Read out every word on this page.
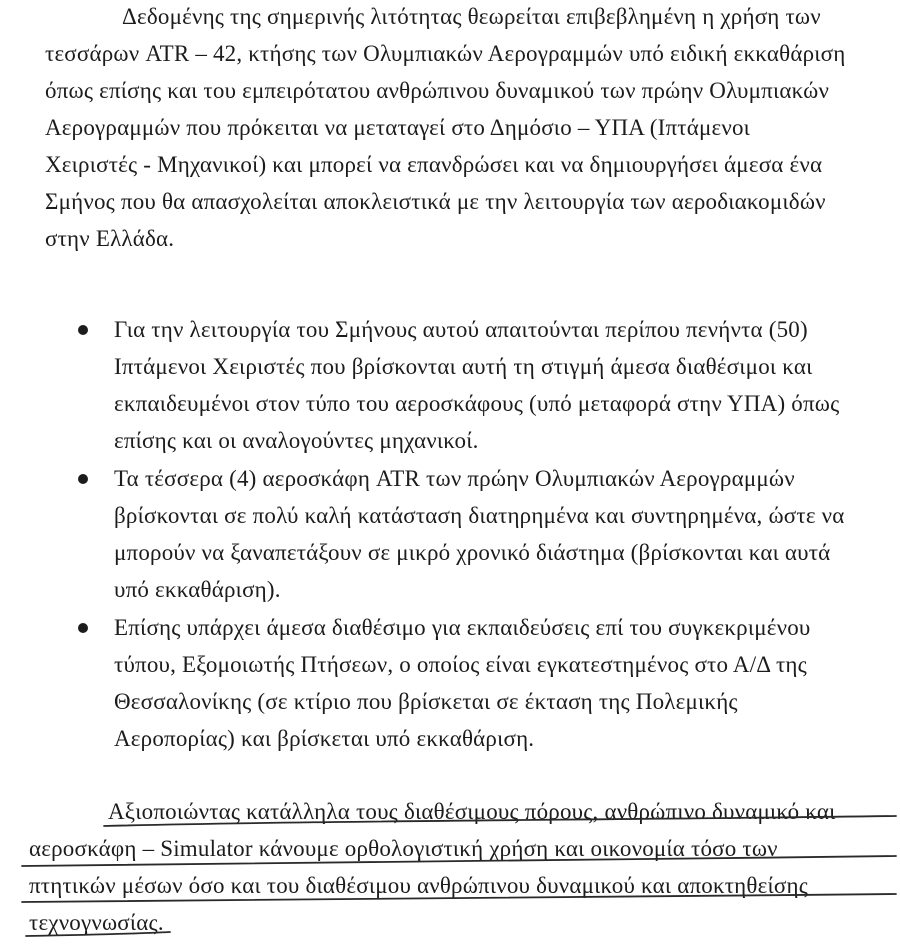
Δεδομένης της σημερινής λιτότητας θεωρείται επιβεβλημένη η χρήση των
τεσσάρων ATR – 42, κτήσης των Ολυμπιακών Αερογραμμών υπό ειδική εκκαθάριση
όπως επίσης και του εμπειρότατου ανθρώπινου δυναμικού των πρώην Ολυμπιακών
Αερογραμμών που πρόκειται να μεταταγεί στο Δημόσιο – ΥΠΑ (Ιπτάμενοι
Χειριστές - Μηχανικοί) και μπορεί να επανδρώσει και να δημιουργήσει άμεσα ένα
Σμήνος που θα απασχολείται αποκλειστικά με την λειτουργία των αεροδιακομιδών
στην Ελλάδα.
Για την λειτουργία του Σμήνους αυτού απαιτούνται περίπου πενήντα (50)
Ιπτάμενοι Χειριστές που βρίσκονται αυτή τη στιγμή άμεσα διαθέσιμοι και
εκπαιδευμένοι στον τύπο του αεροσκάφους (υπό μεταφορά στην ΥΠΑ) όπως
επίσης και οι αναλογούντες μηχανικοί.
Τα τέσσερα (4) αεροσκάφη ATR των πρώην Ολυμπιακών Αερογραμμών
βρίσκονται σε πολύ καλή κατάσταση διατηρημένα και συντηρημένα, ώστε να
μπορούν να ξαναπετάξουν σε μικρό χρονικό διάστημα (βρίσκονται και αυτά
υπό εκκαθάριση).
Επίσης υπάρχει άμεσα διαθέσιμο για εκπαιδεύσεις επί του συγκεκριμένου
τύπου, Εξομοιωτής Πτήσεων, ο οποίος είναι εγκατεστημένος στο Α/Δ της
Θεσσαλονίκης (σε κτίριο που βρίσκεται σε έκταση της Πολεμικής
Αεροπορίας) και βρίσκεται υπό εκκαθάριση.
Αξιοποιώντας κατάλληλα τους διαθέσιμους πόρους, ανθρώπινο δυναμικό και
αεροσκάφη – Simulator κάνουμε ορθολογιστική χρήση και οικονομία τόσο των
πτητικών μέσων όσο και του διαθέσιμου ανθρώπινου δυναμικού και αποκτηθείσης
τεχνογνωσίας.
